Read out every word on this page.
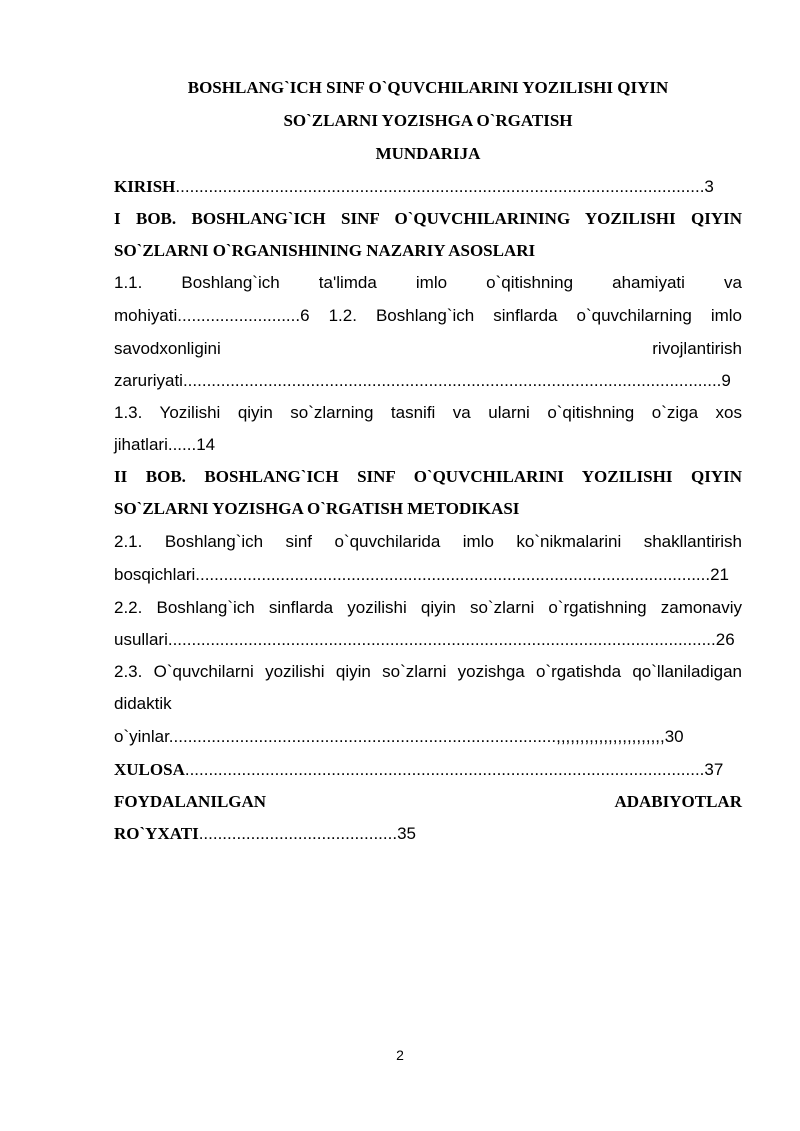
BOSHLANG`ICH SINF O`QUVCHILARINI YOZILISHI QIYIN
SO`ZLARNI YOZISHGA O`RGATISH
MUNDARIJA
KIRISH................................................................................................................3
I BOB. BOSHLANG`ICH SINF O`QUVCHILARINING YOZILISHI QIYIN
SO`ZLARNI O`RGANISHINING NAZARIY ASOSLARI
1.1. Boshlang`ich ta'limda imlo o`qitishning ahamiyati va
mohiyati..........................6 1.2. Boshlang`ich sinflarda o`quvchilarning imlo
savodxonligini	rivojlantirish
zaruriyati..................................................................................................................9
1.3. Yozilishi qiyin so`zlarning tasnifi va ularni o`qitishning o`ziga xos
jihatlari......14
II BOB. BOSHLANG`ICH SINF O`QUVCHILARINI YOZILISHI QIYIN
SO`ZLARNI YOZISHGA O`RGATISH METODIKASI
2.1. Boshlang`ich sinf o`quvchilarida imlo ko`nikmalarini shakllantirish
bosqichlari.............................................................................................................21
2.2. Boshlang`ich sinflarda yozilishi qiyin so`zlarni o`rgatishning zamonaviy
usullari....................................................................................................................26
2.3. O`quvchilarni yozilishi qiyin so`zlarni yozishga o`rgatishda qo`llaniladigan
didaktik
o`yinlar..................................................................................,,,,,,,,,,,,,,,,,,,,,,,30
XULOSA..............................................................................................................37
FOYDALANILGAN	ADABIYOTLAR
RO`YXATI..........................................35
2
